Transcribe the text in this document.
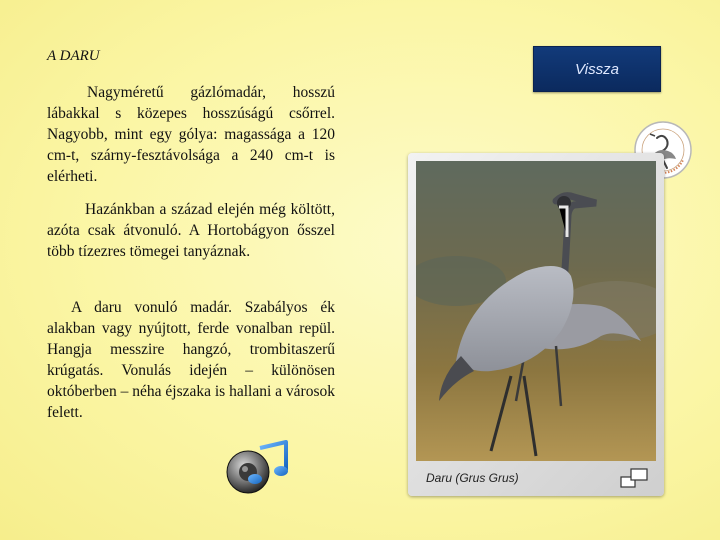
A DARU

Nagyméretű gázlómadár, hosszú lábakkal s közepes hosszúságú csőrrel. Nagyobb, mint egy gólya: magassága a 120 cm-t, szárny-fesztávolsága a 240 cm-t is elérheti.

Hazánkban a század elején még költött, azóta csak átvonuló. A Hortobágyon ősszel több tízezres tömegei tanyáznak.

A daru vonuló madár. Szabályos ék alakban vagy nyújtott, ferde vonalban repül. Hangja messzire hangzó, trombitaszerű krúgatás. Vonulás idején – különösen októberben – néha éjszaka is hallani a városok felett.

Vissza
Daru (Grus Grus)
